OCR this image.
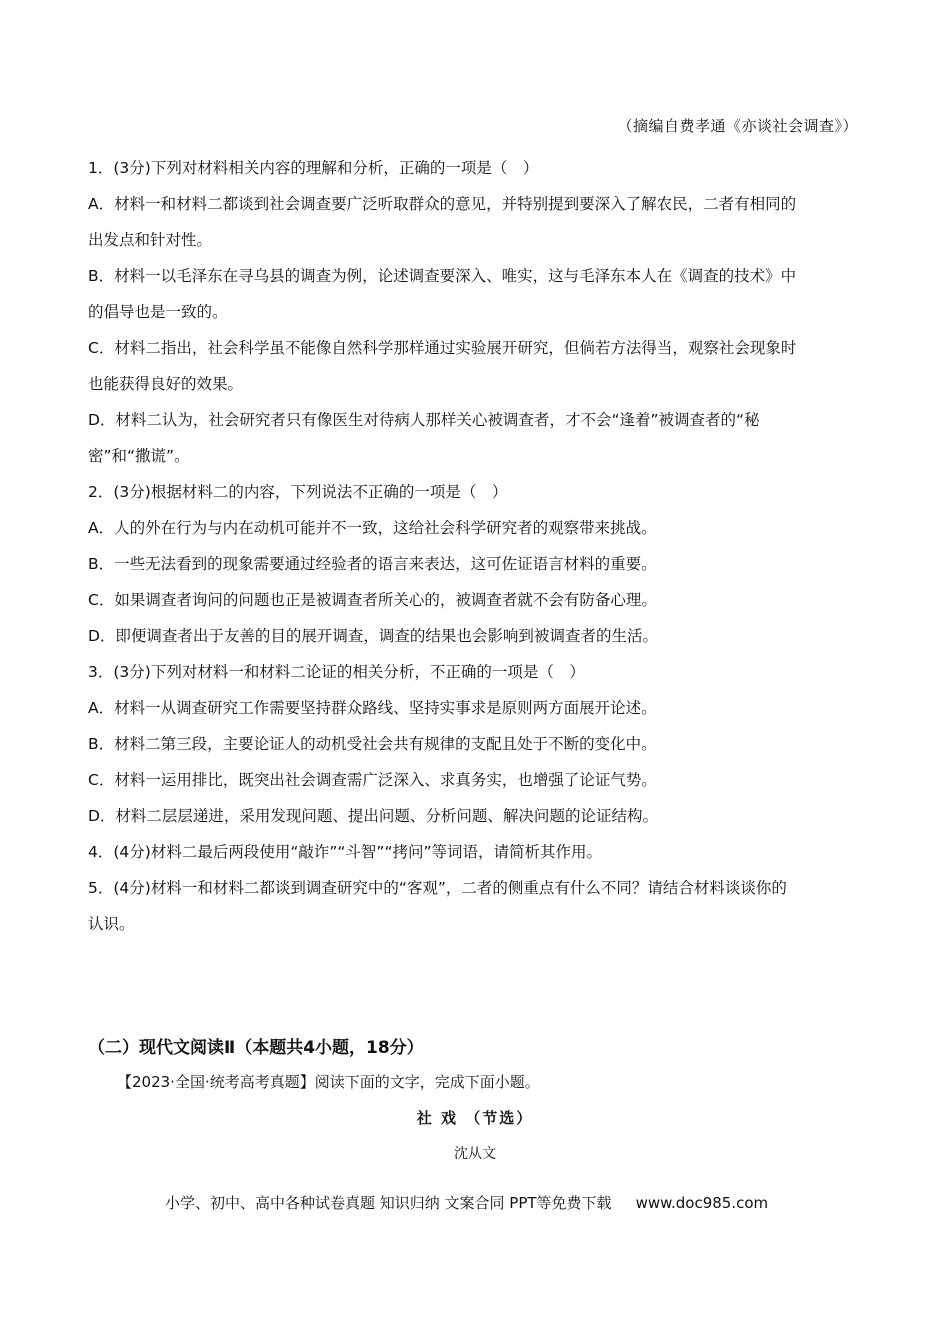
（摘编自费孝通《亦谈社会调查》）

1．(3分)下列对材料相关内容的理解和分析，正确的一项是（　）

A．材料一和材料二都谈到社会调查要广泛听取群众的意见，并特别提到要深入了解农民，二者有相同的

出发点和针对性。

B．材料一以毛泽东在寻乌县的调查为例，论述调查要深入、唯实，这与毛泽东本人在《调查的技术》中

的倡导也是一致的。

C．材料二指出，社会科学虽不能像自然科学那样通过实验展开研究，但倘若方法得当，观察社会现象时

也能获得良好的效果。

D．材料二认为，社会研究者只有像医生对待病人那样关心被调查者，才不会“逢着”被调查者的“秘

密”和“撒谎”。

2．(3分)根据材料二的内容，下列说法不正确的一项是（　）

A．人的外在行为与内在动机可能并不一致，这给社会科学研究者的观察带来挑战。

B．一些无法看到的现象需要通过经验者的语言来表达，这可佐证语言材料的重要。

C．如果调查者询问的问题也正是被调查者所关心的，被调查者就不会有防备心理。

D．即便调查者出于友善的目的展开调查，调查的结果也会影响到被调查者的生活。

3．(3分)下列对材料一和材料二论证的相关分析，不正确的一项是（　）

A．材料一从调查研究工作需要坚持群众路线、坚持实事求是原则两方面展开论述。

B．材料二第三段，主要论证人的动机受社会共有规律的支配且处于不断的变化中。

C．材料一运用排比，既突出社会调查需广泛深入、求真务实，也增强了论证气势。

D．材料二层层递进，采用发现问题、提出问题、分析问题、解决问题的论证结构。

4．(4分)材料二最后两段使用“敲诈”“斗智”“拷问”等词语，请简析其作用。

5．(4分)材料一和材料二都谈到调查研究中的“客观”，二者的侧重点有什么不同？请结合材料谈谈你的

认识。

（二）现代文阅读Ⅱ（本题共4小题，18分）
【2023·全国·统考高考真题】阅读下面的文字，完成下面小题。
社 戏 （节选）
沈从文
小学、初中、高中各种试卷真题 知识归纳 文案合同 PPT等免费下载 www.doc985.com
